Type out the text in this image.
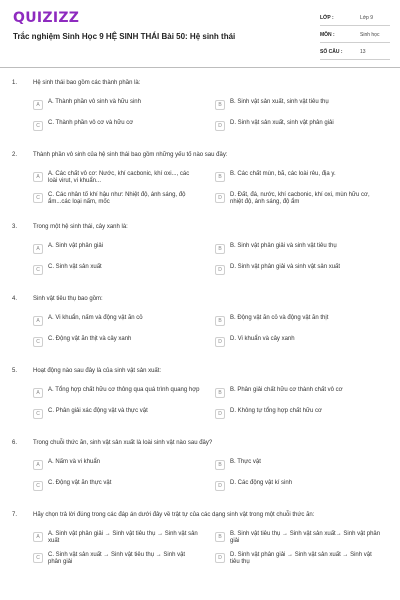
QUIZIZZ
Trắc nghiệm Sinh Học 9 HỆ SINH THÁI Bài 50: Hệ sinh thái
LỚP :	Lớp 9
MÔN :	Sinh học
SỐ CÂU :	13
1.	Hệ sinh thái bao gồm các thành phần là:
A	A. Thành phần vô sinh và hữu sinh	B	B. Sinh vật sản xuất, sinh vật tiêu thụ
C	C. Thành phần vô cơ và hữu cơ	D	D. Sinh vật sản xuất, sinh vật phân giải
2.	Thành phần vô sinh của hệ sinh thái bao gồm những yếu tố nào sau đây:
A	A. Các chất vô cơ: Nước, khí cacbonic, khí oxi..., các loài virut, vi khuẩn...
B	B. Các chất mùn, bã, các loài rêu, địa y.
C	C. Các nhân tố khí hậu như: Nhiệt độ, ánh sáng, độ ẩm...các loại nấm, mốc
D	D. Đất, đá, nước, khí cacbonic, khí oxi, mùn hữu cơ, nhiệt độ, ánh sáng, độ ẩm
3.	Trong một hệ sinh thái, cây xanh là:
A	A. Sinh vật phân giải	B	B. Sinh vật phân giải và sinh vật tiêu thụ
C	C. Sinh vật sản xuất	D	D. Sinh vật phân giải và sinh vật sản xuất
4.	Sinh vật tiêu thụ bao gồm:
A	A. Vi khuẩn, nấm và động vật ăn cỏ	B	B. Động vật ăn cỏ và động vật ăn thịt
C	C. Động vật ăn thịt và cây xanh	D	D. Vi khuẩn và cây xanh
5.	Hoạt động nào sau đây là của sinh vật sản xuất:
A	A. Tổng hợp chất hữu cơ thông qua quá trình quang hợp	B	B. Phân giải chất hữu cơ thành chất vô cơ
C	C. Phân giải xác động vật và thực vật	D	D. Không tự tổng hợp chất hữu cơ
6.	Trong chuỗi thức ăn, sinh vật sản xuất là loài sinh vật nào sau đây?
A	A. Nấm và vi khuẩn	B	B. Thực vật
C	C. Động vật ăn thực vật	D	D. Các động vật kí sinh
7.	Hãy chọn trả lời đúng trong các đáp án dưới đây về trật tự của các dạng sinh vật trong một chuỗi thức ăn:
A	A. Sinh vật phân giải → Sinh vật tiêu thụ → Sinh vật sản xuất
B	B. Sinh vật tiêu thụ → Sinh vật sản xuất→ Sinh vật phân giải
C	C. Sinh vật sản xuất → Sinh vật tiêu thụ → Sinh vật phân giải
D	D. Sinh vật phân giải → Sinh vật sản xuất → Sinh vật tiêu thụ
